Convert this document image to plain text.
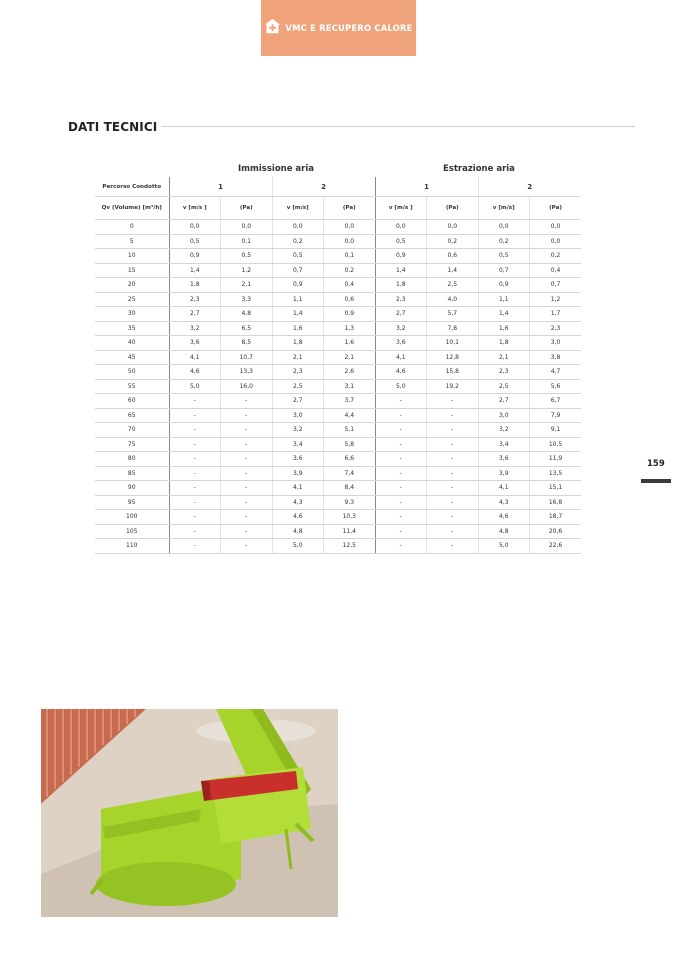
VMC E RECUPERO CALORE
DATI TECNICI
Immissione aria	Estrazione aria
Percorso Condotto	1		2		1		2	
Qv (Volume) [m³/h]	v [m/s ]	(Pa)	v [m/s]	(Pa)	v [m/s ]	(Pa)	v [m/s]	(Pa)
0	0,0	0,0	0,0	0,0	0,0	0,0	0,0	0,0
5	0,5	0,1	0,2	0,0	0,5	0,2	0,2	0,0
10	0,9	0,5	0,5	0,1	0,9	0,6	0,5	0,2
15	1,4	1,2	0,7	0,2	1,4	1,4	0,7	0,4
20	1,8	2,1	0,9	0,4	1,8	2,5	0,9	0,7
25	2,3	3,3	1,1	0,6	2,3	4,0	1,1	1,2
30	2,7	4,8	1,4	0,9	2,7	5,7	1,4	1,7
35	3,2	6,5	1,6	1,3	3,2	7,8	1,6	2,3
40	3,6	8,5	1,8	1,6	3,6	10,1	1,8	3,0
45	4,1	10,7	2,1	2,1	4,1	12,8	2,1	3,8
50	4,6	13,3	2,3	2,6	4,6	15,8	2,3	4,7
55	5,0	16,0	2,5	3,1	5,0	19,2	2,5	5,6
60	-	-	2,7	3,7	-	-	2,7	6,7
65	-	-	3,0	4,4	-	-	3,0	7,9
70	-	-	3,2	5,1	-	-	3,2	9,1
75	-	-	3,4	5,8	-	-	3,4	10,5
80	-	-	3,6	6,6	-	-	3,6	11,9
85	-	-	3,9	7,4	-	-	3,9	13,5
90	-	-	4,1	8,4	-	-	4,1	15,1
95	-	-	4,3	9,3	-	-	4,3	16,8
100	-	-	4,6	10,3	-	-	4,6	18,7
105	-	-	4,8	11,4	-	-	4,8	20,6
110	-	-	5,0	12,5	-	-	5,0	22,6
159
